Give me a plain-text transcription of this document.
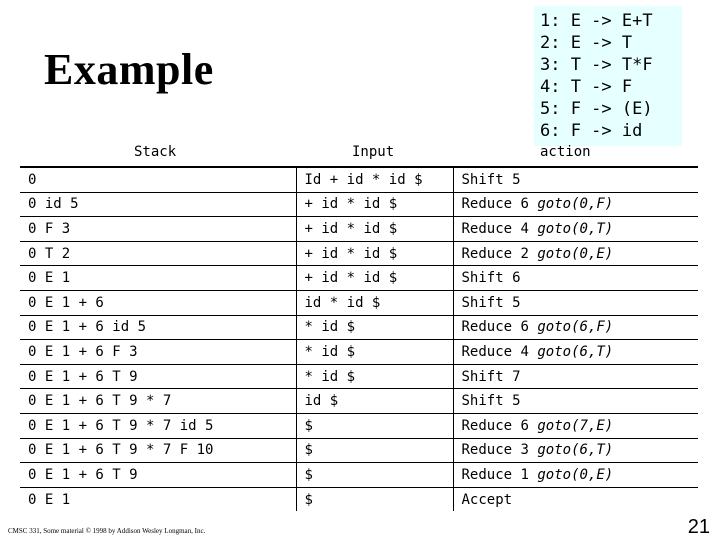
Example
1: E -> E+T
2: E -> T
3: T -> T*F
4: T -> F
5: F -> (E)
6: F -> id
Stack	Input	action
0	Id + id * id $	Shift 5
0 id 5	+ id * id $	Reduce 6 goto(0,F)
0 F 3	+ id * id $	Reduce 4 goto(0,T)
0 T 2	+ id * id $	Reduce 2 goto(0,E)
0 E 1	+ id * id $	Shift 6
0 E 1 + 6	id * id $	Shift 5
0 E 1 + 6 id 5	* id $	Reduce 6 goto(6,F)
0 E 1 + 6 F 3	* id $	Reduce 4 goto(6,T)
0 E 1 + 6 T 9	* id $	Shift 7
0 E 1 + 6 T 9 * 7	id $	Shift 5
0 E 1 + 6 T 9 * 7 id 5	$	Reduce 6 goto(7,E)
0 E 1 + 6 T 9 * 7 F 10	$	Reduce 3 goto(6,T)
0 E 1 + 6 T 9	$	Reduce 1 goto(0,E)
0 E 1	$	Accept
CMSC 331, Some material © 1998 by Addison Wesley Longman, Inc.	21
